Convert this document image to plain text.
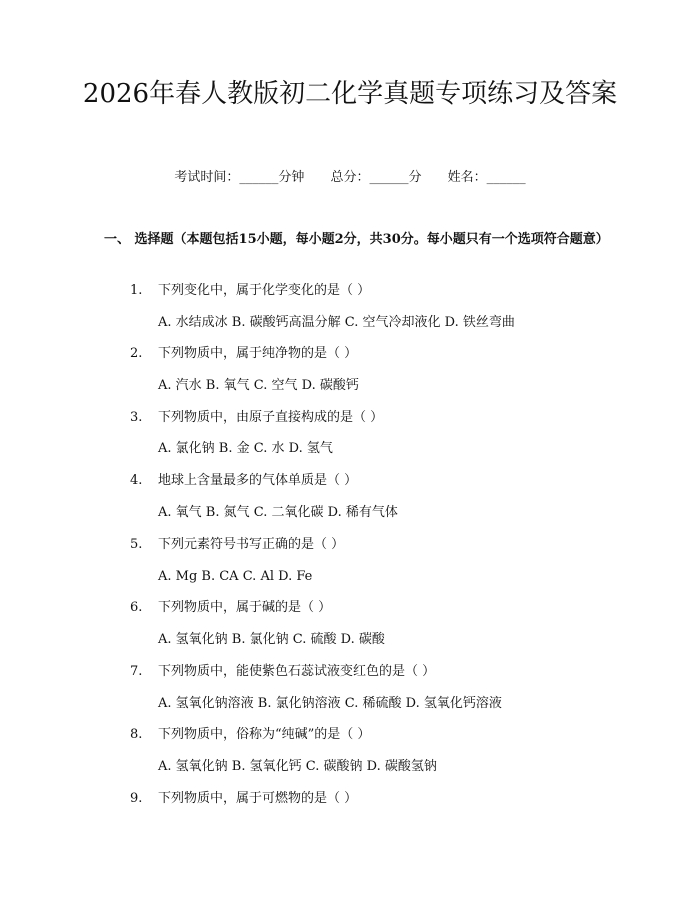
2026年春人教版初二化学真题专项练习及答案
考试时间：______分钟 总分：______分 姓名：______
一、 选择题（本题包括15小题，每小题2分，共30分。每小题只有一个选项符合题意）
1. 下列变化中，属于化学变化的是（ ）
A. 水结成冰 B. 碳酸钙高温分解 C. 空气冷却液化 D. 铁丝弯曲
2. 下列物质中，属于纯净物的是（ ）
A. 汽水 B. 氧气 C. 空气 D. 碳酸钙
3. 下列物质中，由原子直接构成的是（ ）
A. 氯化钠 B. 金 C. 水 D. 氢气
4. 地球上含量最多的气体单质是（ ）
A. 氧气 B. 氮气 C. 二氧化碳 D. 稀有气体
5. 下列元素符号书写正确的是（ ）
A. Mg B. CA C. Al D. Fe
6. 下列物质中，属于碱的是（ ）
A. 氢氧化钠 B. 氯化钠 C. 硫酸 D. 碳酸
7. 下列物质中，能使紫色石蕊试液变红色的是（ ）
A. 氢氧化钠溶液 B. 氯化钠溶液 C. 稀硫酸 D. 氢氧化钙溶液
8. 下列物质中，俗称为“纯碱”的是（ ）
A. 氢氧化钠 B. 氢氧化钙 C. 碳酸钠 D. 碳酸氢钠
9. 下列物质中，属于可燃物的是（ ）
